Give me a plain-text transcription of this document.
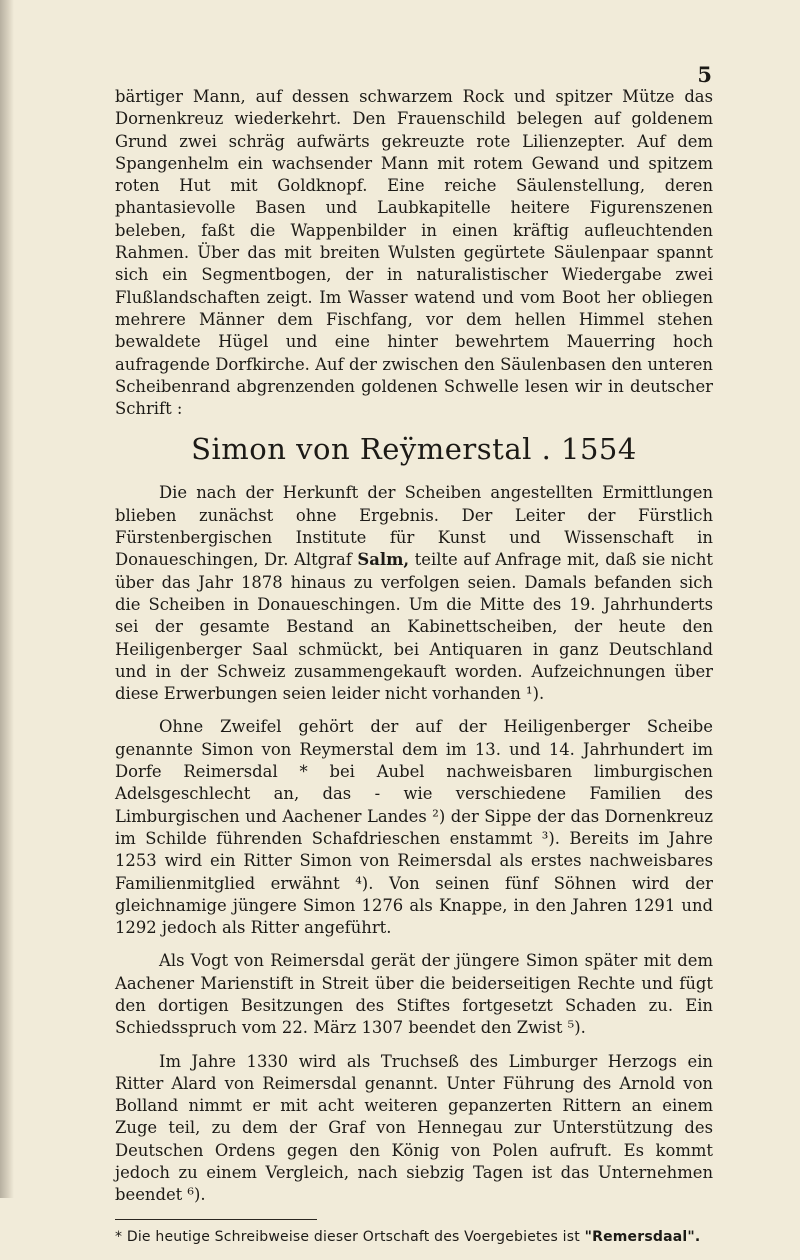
5

bärtiger Mann, auf dessen schwarzem Rock und spitzer Mütze das Dornenkreuz wiederkehrt. Den Frauenschild belegen auf goldenem Grund zwei schräg aufwärts gekreuzte rote Lilienzepter. Auf dem Spangenhelm ein wachsender Mann mit rotem Gewand und spitzem roten Hut mit Goldknopf. Eine reiche Säulenstellung, deren phantasievolle Basen und Laubkapitelle heitere Figurenszenen beleben, faßt die Wappenbilder in einen kräftig aufleuchtenden Rahmen. Über das mit breiten Wulsten gegürtete Säulenpaar spannt sich ein Segmentbogen, der in naturalistischer Wiedergabe zwei Flußlandschaften zeigt. Im Wasser watend und vom Boot her obliegen mehrere Männer dem Fischfang, vor dem hellen Himmel stehen bewaldete Hügel und eine hinter bewehrtem Mauerring hoch aufragende Dorfkirche. Auf der zwischen den Säulenbasen den unteren Scheibenrand abgrenzenden goldenen Schwelle lesen wir in deutscher Schrift :

Simon von Reÿmerstal . 1554

Die nach der Herkunft der Scheiben angestellten Ermittlungen blieben zunächst ohne Ergebnis. Der Leiter der Fürstlich Fürstenbergischen Institute für Kunst und Wissenschaft in Donaueschingen, Dr. Altgraf Salm, teilte auf Anfrage mit, daß sie nicht über das Jahr 1878 hinaus zu verfolgen seien. Damals befanden sich die Scheiben in Donaueschingen. Um die Mitte des 19. Jahrhunderts sei der gesamte Bestand an Kabinettscheiben, der heute den Heiligenberger Saal schmückt, bei Antiquaren in ganz Deutschland und in der Schweiz zusammengekauft worden. Aufzeichnungen über diese Erwerbungen seien leider nicht vorhanden ¹).

Ohne Zweifel gehört der auf der Heiligenberger Scheibe genannte Simon von Reymerstal dem im 13. und 14. Jahrhundert im Dorfe Reimersdal * bei Aubel nachweisbaren limburgischen Adelsgeschlecht an, das - wie verschiedene Familien des Limburgischen und Aachener Landes ²) der Sippe der das Dornenkreuz im Schilde führenden Schafdrieschen enstammt ³). Bereits im Jahre 1253 wird ein Ritter Simon von Reimersdal als erstes nachweisbares Familienmitglied erwähnt ⁴). Von seinen fünf Söhnen wird der gleichnamige jüngere Simon 1276 als Knappe, in den Jahren 1291 und 1292 jedoch als Ritter angeführt.

Als Vogt von Reimersdal gerät der jüngere Simon später mit dem Aachener Marienstift in Streit über die beiderseitigen Rechte und fügt den dortigen Besitzungen des Stiftes fortgesetzt Schaden zu. Ein Schiedsspruch vom 22. März 1307 beendet den Zwist ⁵).

Im Jahre 1330 wird als Truchseß des Limburger Herzogs ein Ritter Alard von Reimersdal genannt. Unter Führung des Arnold von Bolland nimmt er mit acht weiteren gepanzerten Rittern an einem Zuge teil, zu dem der Graf von Hennegau zur Unterstützung des Deutschen Ordens gegen den König von Polen aufruft. Es kommt jedoch zu einem Vergleich, nach siebzig Tagen ist das Unternehmen beendet ⁶).

* Die heutige Schreibweise dieser Ortschaft des Voergebietes ist "Remersdaal".
